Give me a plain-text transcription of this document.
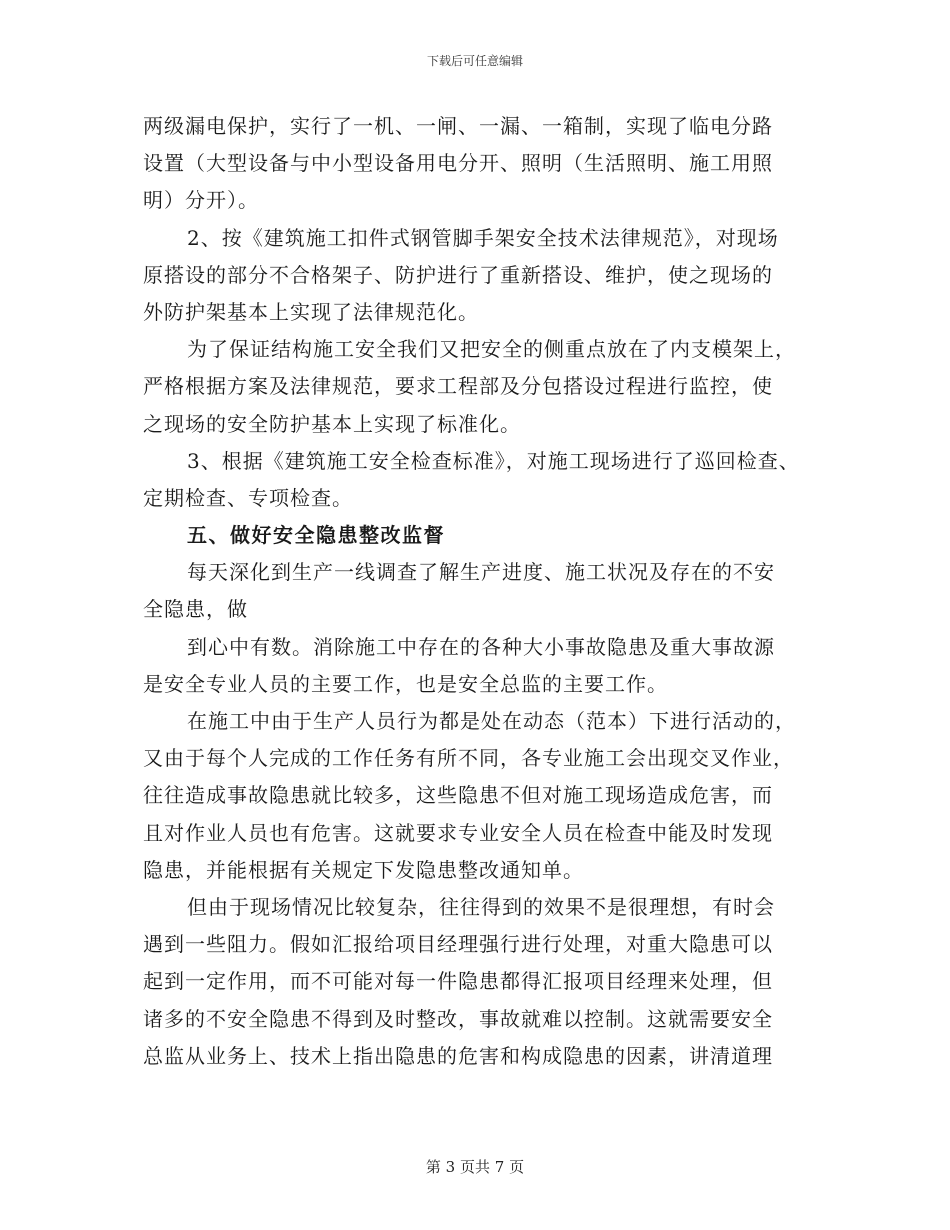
下载后可任意编辑
两级漏电保护，实行了一机、一闸、一漏、一箱制，实现了临电分路
设置（大型设备与中小型设备用电分开、照明（生活照明、施工用照
明）分开）。
2、按《建筑施工扣件式钢管脚手架安全技术法律规范》，对现场
原搭设的部分不合格架子、防护进行了重新搭设、维护，使之现场的
外防护架基本上实现了法律规范化。
为了保证结构施工安全我们又把安全的侧重点放在了内支模架上，
严格根据方案及法律规范，要求工程部及分包搭设过程进行监控，使
之现场的安全防护基本上实现了标准化。
3、根据《建筑施工安全检查标准》，对施工现场进行了巡回检查、
定期检查、专项检查。
五、做好安全隐患整改监督
每天深化到生产一线调查了解生产进度、施工状况及存在的不安
全隐患，做
到心中有数。消除施工中存在的各种大小事故隐患及重大事故源
是安全专业人员的主要工作，也是安全总监的主要工作。
在施工中由于生产人员行为都是处在动态（范本）下进行活动的，
又由于每个人完成的工作任务有所不同，各专业施工会出现交叉作业，
往往造成事故隐患就比较多，这些隐患不但对施工现场造成危害，而
且对作业人员也有危害。这就要求专业安全人员在检查中能及时发现
隐患，并能根据有关规定下发隐患整改通知单。
但由于现场情况比较复杂，往往得到的效果不是很理想，有时会
遇到一些阻力。假如汇报给项目经理强行进行处理，对重大隐患可以
起到一定作用，而不可能对每一件隐患都得汇报项目经理来处理，但
诸多的不安全隐患不得到及时整改，事故就难以控制。这就需要安全
总监从业务上、技术上指出隐患的危害和构成隐患的因素，讲清道理
第 3 页共 7 页
